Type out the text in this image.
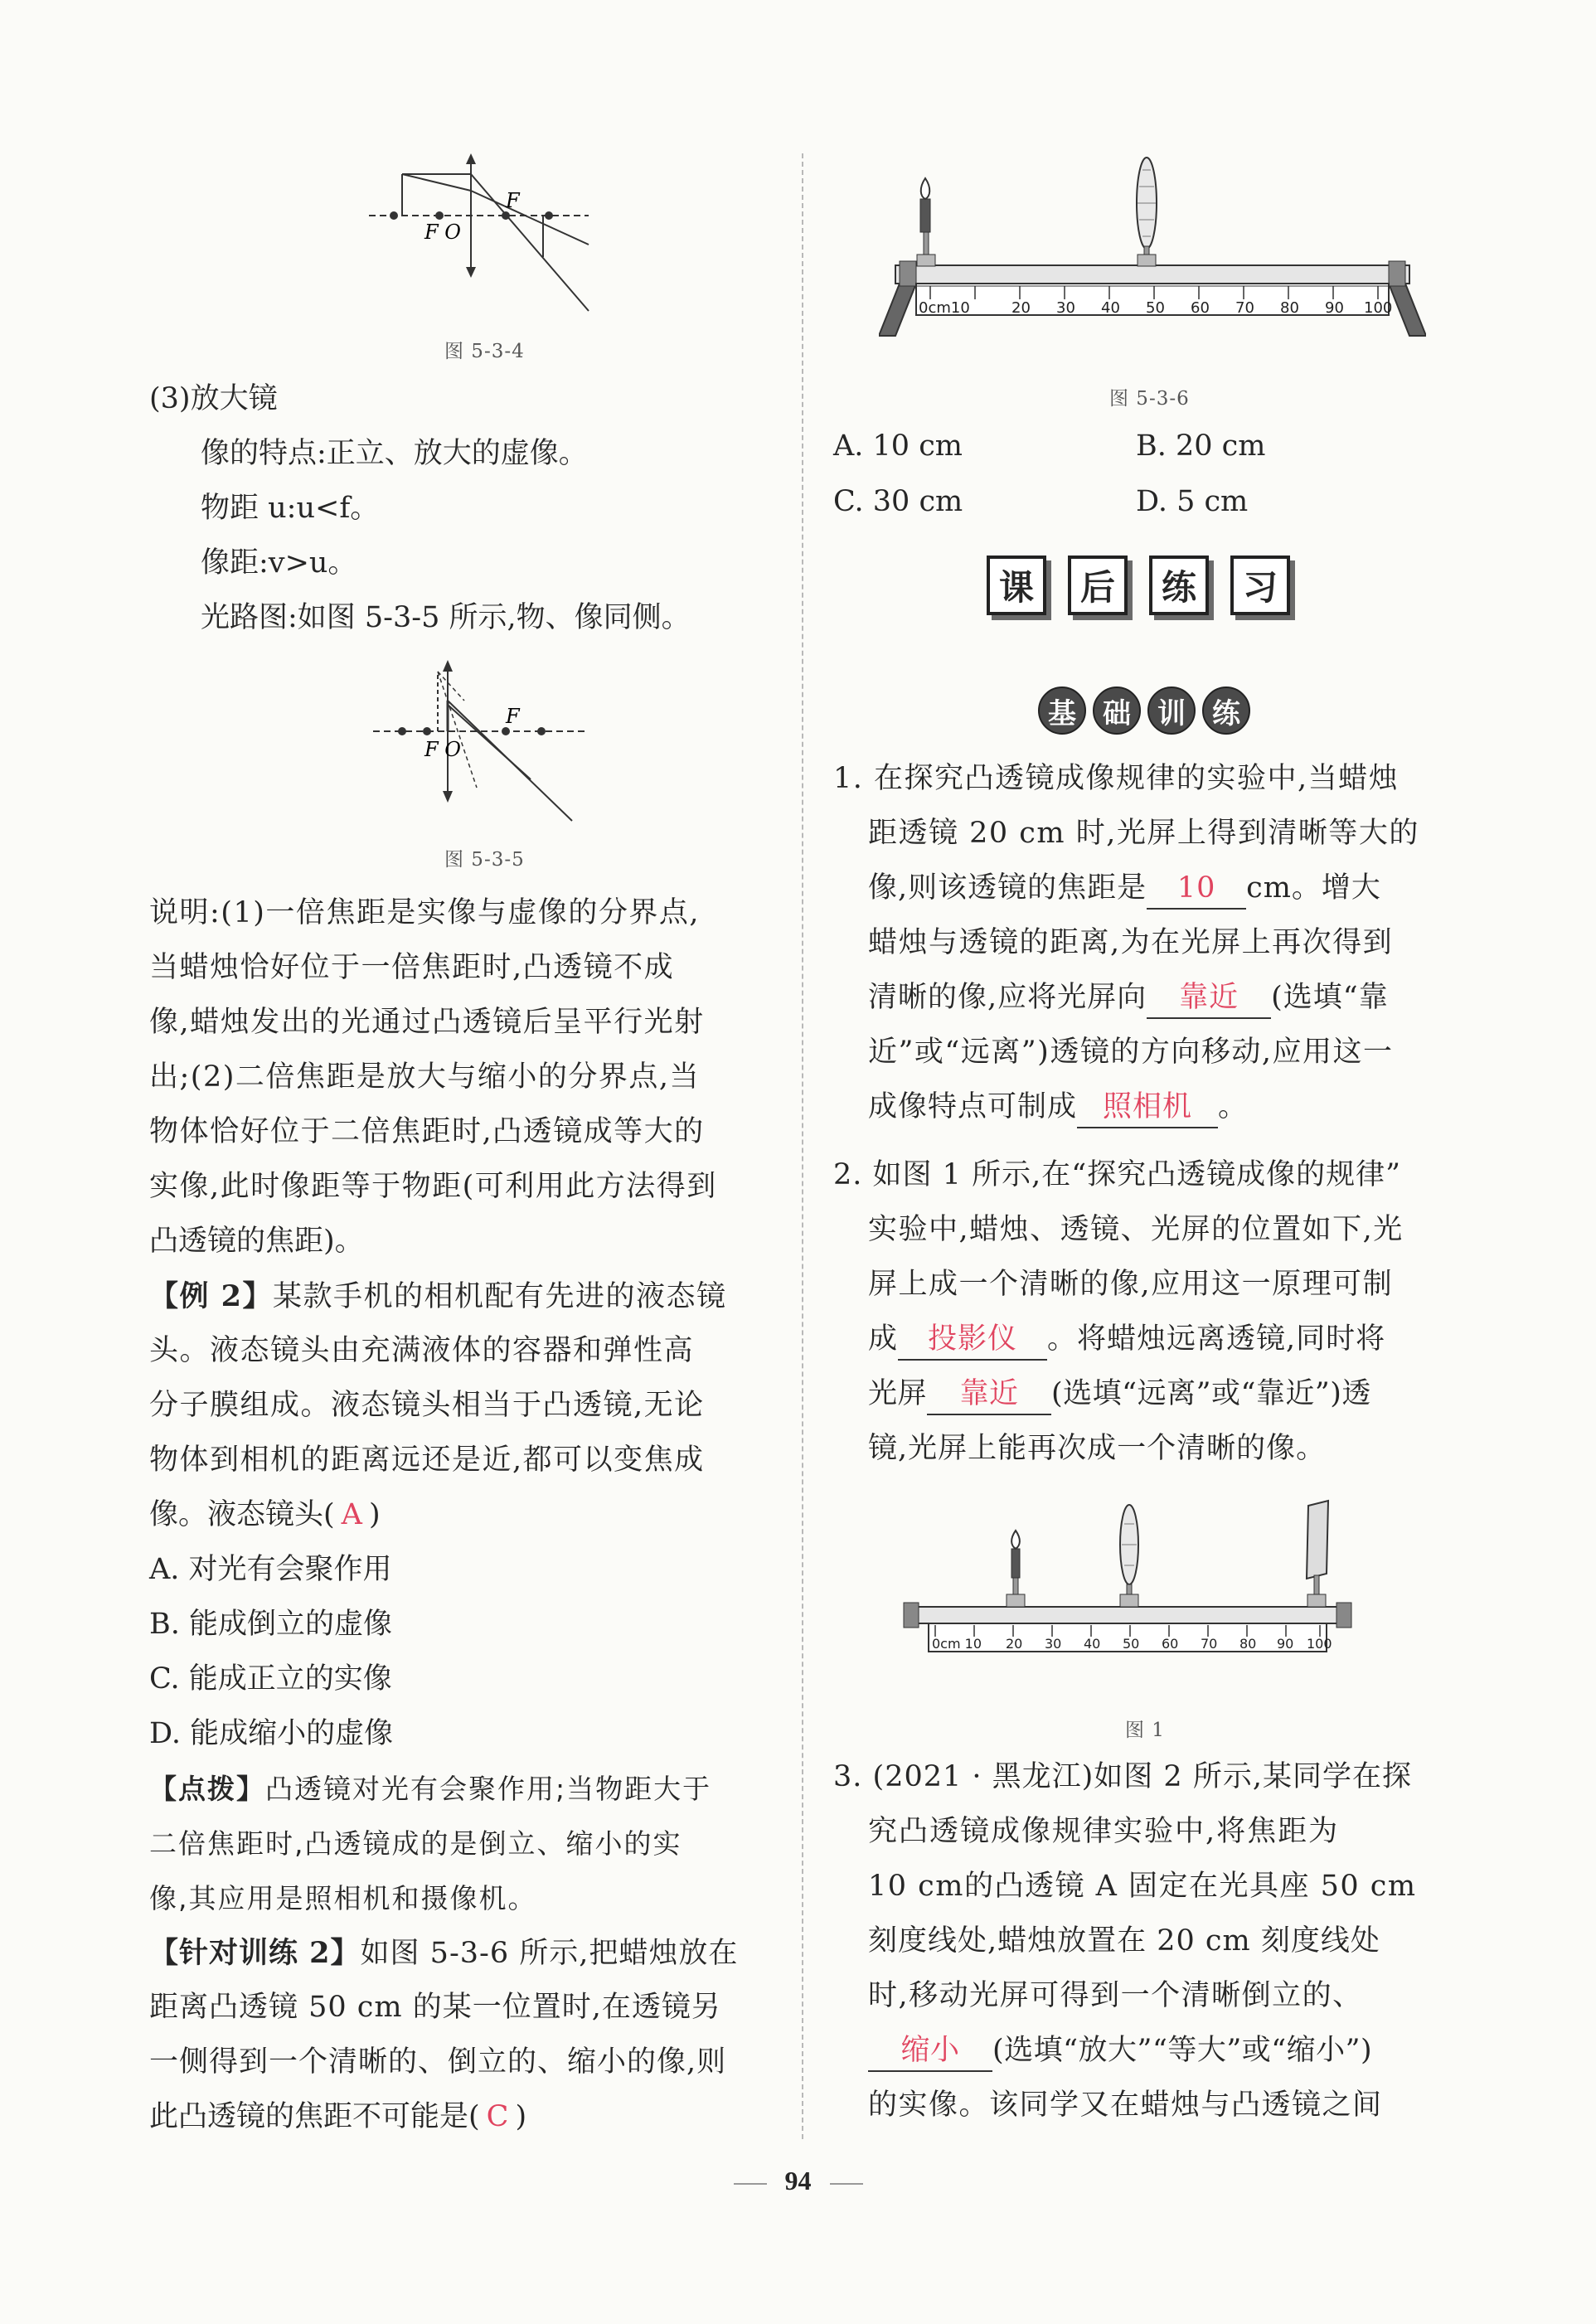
F
F O
图 5-3-4

(3)放大镜

像的特点:正立、放大的虚像。

物距 u:u<f。

像距:v>u。

光路图:如图 5-3-5 所示,物、像同侧。

说明:(1)一倍焦距是实像与虚像的分界点,

当蜡烛恰好位于一倍焦距时,凸透镜不成

像,蜡烛发出的光通过凸透镜后呈平行光射

出;(2)二倍焦距是放大与缩小的分界点,当

物体恰好位于二倍焦距时,凸透镜成等大的

实像,此时像距等于物距(可利用此方法得到

凸透镜的焦距)。

【例 2】某款手机的相机配有先进的液态镜

头。液态镜头由充满液体的容器和弹性高

分子膜组成。液态镜头相当于凸透镜,无论

物体到相机的距离远还是近,都可以变焦成

像。液态镜头( A )

A. 对光有会聚作用

B. 能成倒立的虚像

C. 能成正立的实像

D. 能成缩小的虚像

【点拨】凸透镜对光有会聚作用;当物距大于

二倍焦距时,凸透镜成的是倒立、缩小的实

像,其应用是照相机和摄像机。

【针对训练 2】如图 5-3-6 所示,把蜡烛放在

距离凸透镜 50 cm 的某一位置时,在透镜另

一侧得到一个清晰的、倒立的、缩小的像,则

此凸透镜的焦距不可能是( C )

F
F O
图 5-3-5
0cm10	20 30 40 50 60 70 80 90 100
图 5-3-6
A. 10 cm	B. 20 cm
C. 30 cm	D. 5 cm
课	后	练	习
基 础 训 练

1. 在探究凸透镜成像规律的实验中,当蜡烛

距透镜 20 cm 时,光屏上得到清晰等大的

像,则该透镜的焦距是 10 cm。增大

蜡烛与透镜的距离,为在光屏上再次得到

清晰的像,应将光屏向 靠近 (选填“靠

近”或“远离”)透镜的方向移动,应用这一

成像特点可制成 照相机 。

2. 如图 1 所示,在“探究凸透镜成像的规律”

实验中,蜡烛、透镜、光屏的位置如下,光

屏上成一个清晰的像,应用这一原理可制

成 投影仪 。将蜡烛远离透镜,同时将

光屏 靠近 (选填“远离”或“靠近”)透

镜,光屏上能再次成一个清晰的像。

3. (2021 · 黑龙江)如图 2 所示,某同学在探

究凸透镜成像规律实验中,将焦距为

10 cm的凸透镜 A 固定在光具座 50 cm

刻度线处,蜡烛放置在 20 cm 刻度线处

时,移动光屏可得到一个清晰倒立的、

缩小 (选填“放大”“等大”或“缩小”)

的实像。该同学又在蜡烛与凸透镜之间

0cm 10 20 30 40 50 60 70 80 90 100
图 1
94
